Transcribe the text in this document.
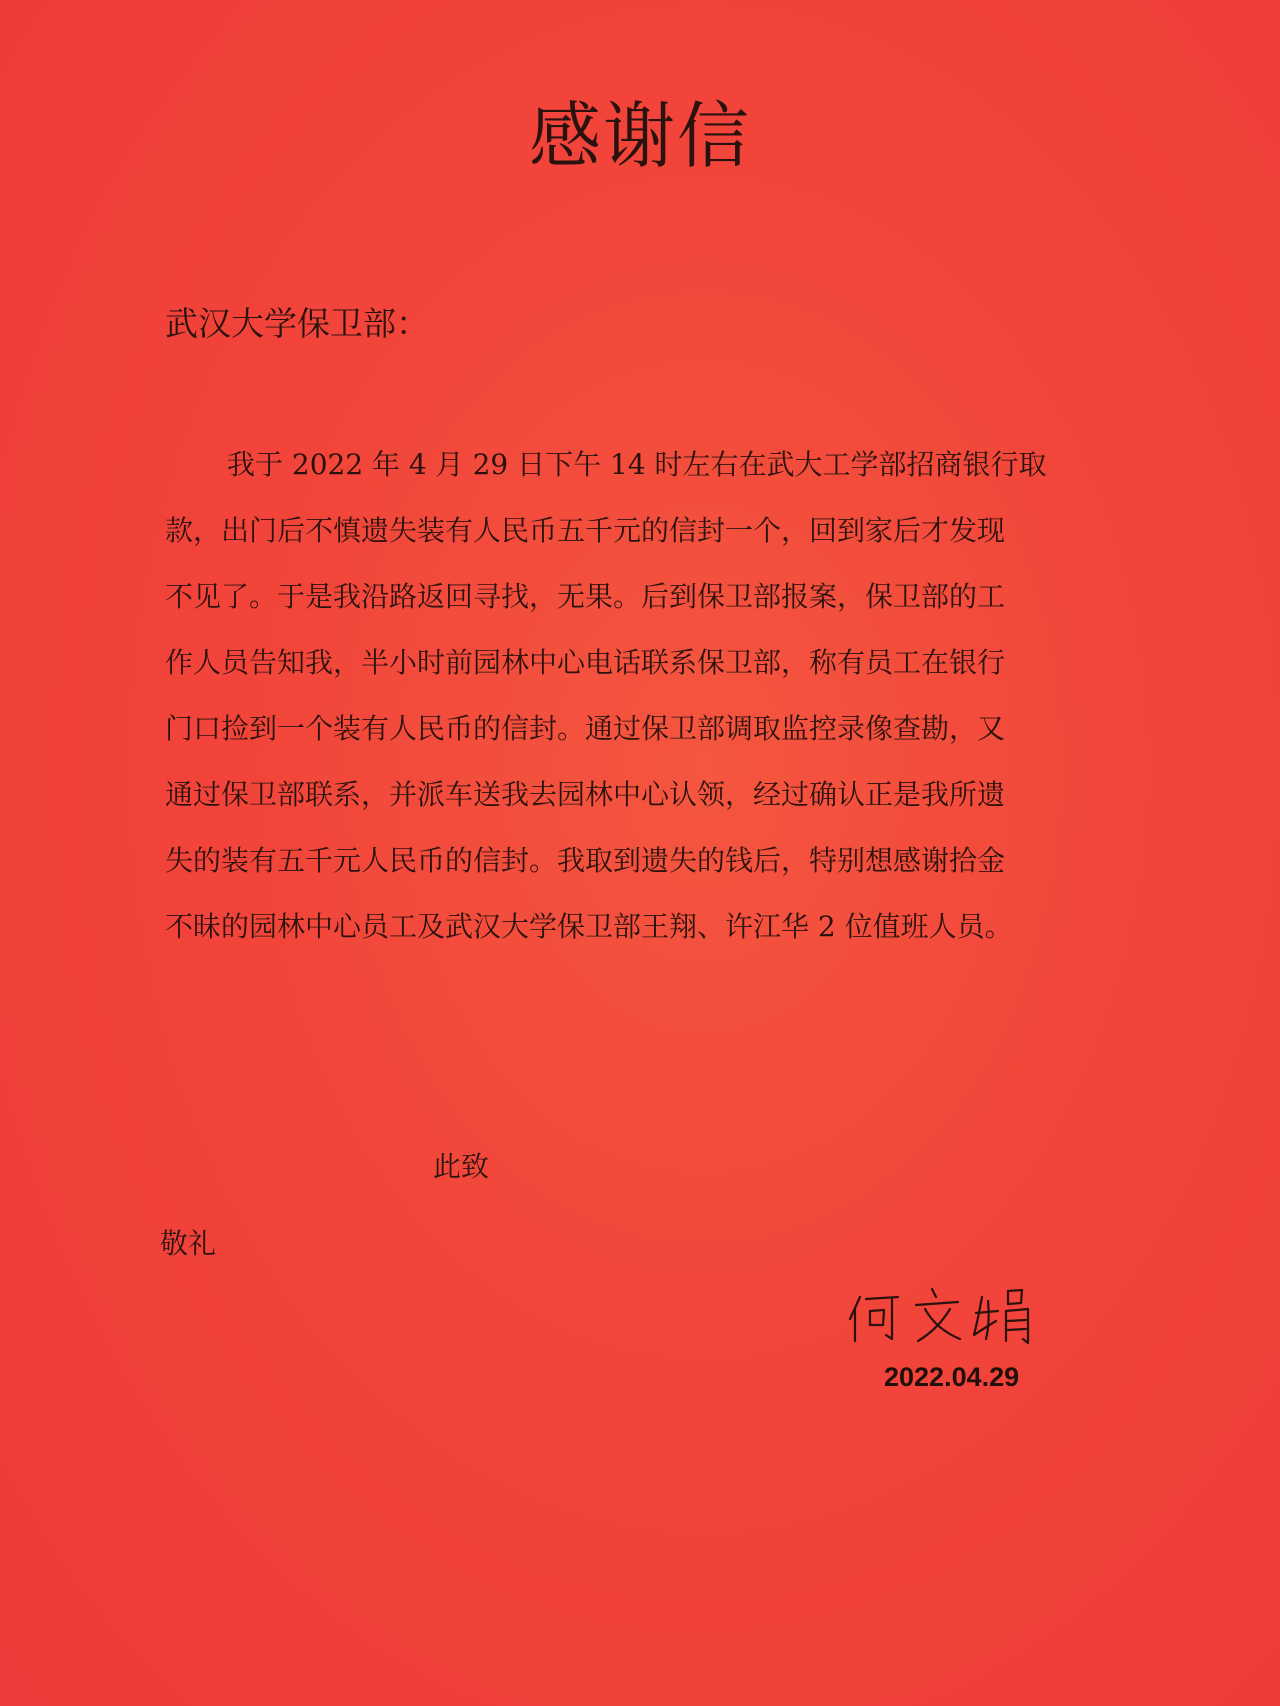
感谢信
武汉大学保卫部：
我于 2022 年 4 月 29 日下午 14 时左右在武大工学部招商银行取
款，出门后不慎遗失装有人民币五千元的信封一个，回到家后才发现
不见了。于是我沿路返回寻找，无果。后到保卫部报案，保卫部的工
作人员告知我，半小时前园林中心电话联系保卫部，称有员工在银行
门口捡到一个装有人民币的信封。通过保卫部调取监控录像查勘，又
通过保卫部联系，并派车送我去园林中心认领，经过确认正是我所遗
失的装有五千元人民币的信封。我取到遗失的钱后，特别想感谢拾金
不昧的园林中心员工及武汉大学保卫部王翔、许江华 2 位值班人员。
此致
敬礼
2022.04.29
